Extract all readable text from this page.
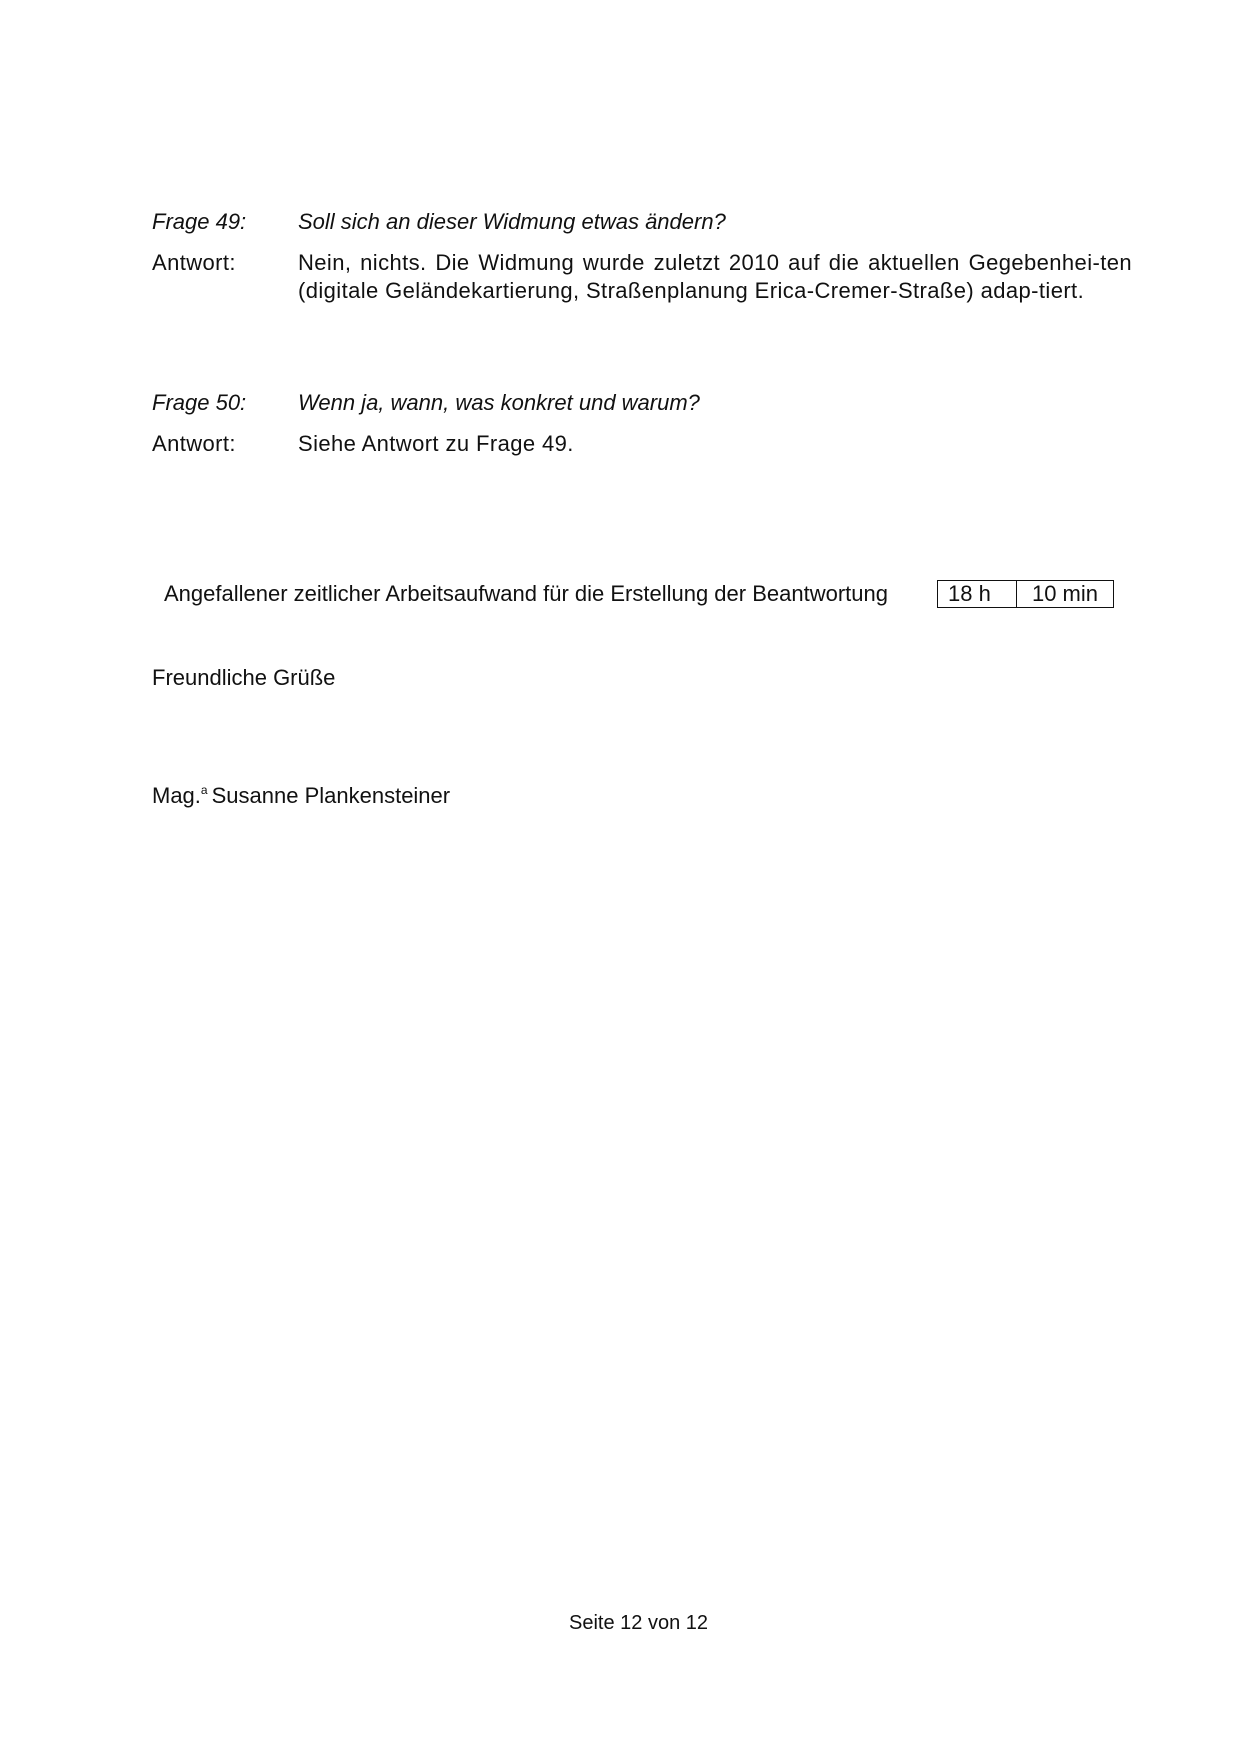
Frage 49:	Soll sich an dieser Widmung etwas ändern?
Antwort:	Nein, nichts. Die Widmung wurde zuletzt 2010 auf die aktuellen Gegebenhei-ten (digitale Geländekartierung, Straßenplanung Erica-Cremer-Straße) adap-tiert.
Frage 50:	Wenn ja, wann, was konkret und warum?
Antwort:	Siehe Antwort zu Frage 49.
Angefallener zeitlicher Arbeitsaufwand für die Erstellung der Beantwortung	18 h	10 min
Freundliche Grüße
Mag.$^a$ Susanne Plankensteiner
Seite 12 von 12
